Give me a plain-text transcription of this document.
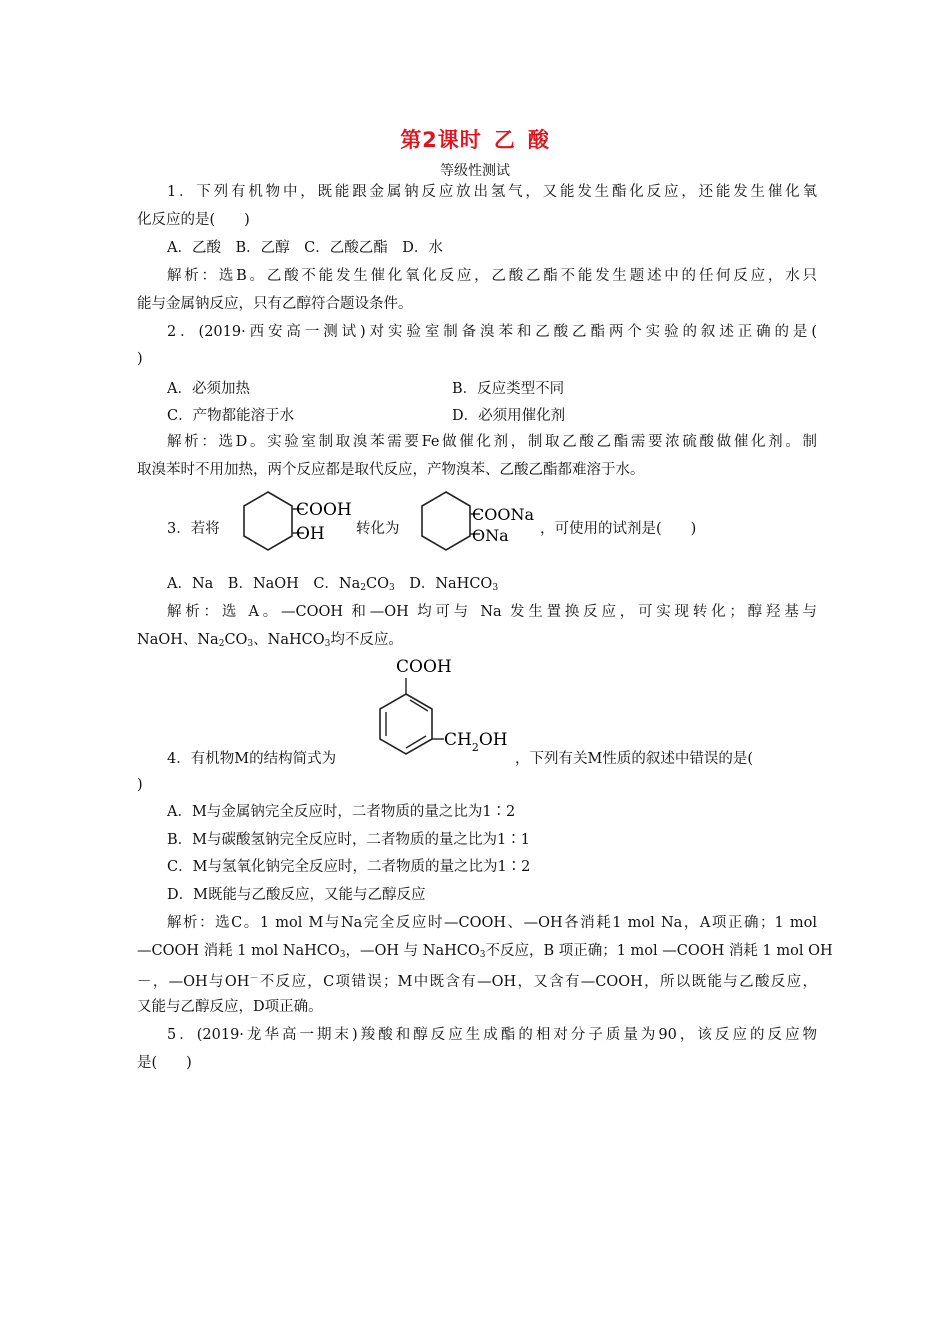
第2课时 乙 酸
等级性测试
1．下列有机物中，既能跟金属钠反应放出氢气，又能发生酯化反应，还能发生催化氧
化反应的是(　　)
A．乙酸　B．乙醇　C．乙酸乙酯　D．水
解析：选B。乙酸不能发生催化氧化反应，乙酸乙酯不能发生题述中的任何反应，水只
能与金属钠反应，只有乙醇符合题设条件。
2．(2019·西安高一测试)对实验室制备溴苯和乙酸乙酯两个实验的叙述正确的是(
)
A．必须加热	B．反应类型不同
C．产物都能溶于水	D．必须用催化剂
解析：选D。实验室制取溴苯需要Fe做催化剂，制取乙酸乙酯需要浓硫酸做催化剂。制
取溴苯时不用加热，两个反应都是取代反应，产物溴苯、乙酸乙酯都难溶于水。
3．若将
COOH
OH 转化为
COONa
ONa ，可使用的试剂是(　　)
A．Na　B．NaOH　C．$Na_2CO_3$　D．NaHCO$_3$
解析：选 A。—COOH 和—OH 均可与 Na 发生置换反应，可实现转化；醇羟基与
NaOH、$Na_2CO_3$、NaHCO$_3$均不反应。
4．有机物M的结构简式为
COOH
$CH_2OH$
，下列有关M性质的叙述中错误的是(
)
A．M与金属钠完全反应时，二者物质的量之比为1∶2
B．M与碳酸氢钠完全反应时，二者物质的量之比为1∶1
C．M与氢氧化钠完全反应时，二者物质的量之比为1∶2
D．M既能与乙酸反应，又能与乙醇反应
解析：选C。1 mol M与Na完全反应时—COOH、—OH各消耗1 mol Na，A项正确；1 mol
—COOH 消耗 1 mol NaHCO$_3$，—OH 与 NaHCO$_3$不反应，B 项正确；1 mol —COOH 消耗 1 mol OH
－，—OH与OH－不反应，C项错误；M中既含有—OH，又含有—COOH，所以既能与乙酸反应，
又能与乙醇反应，D项正确。
5．(2019·龙华高一期末)羧酸和醇反应生成酯的相对分子质量为90，该反应的反应物
是(　　)
